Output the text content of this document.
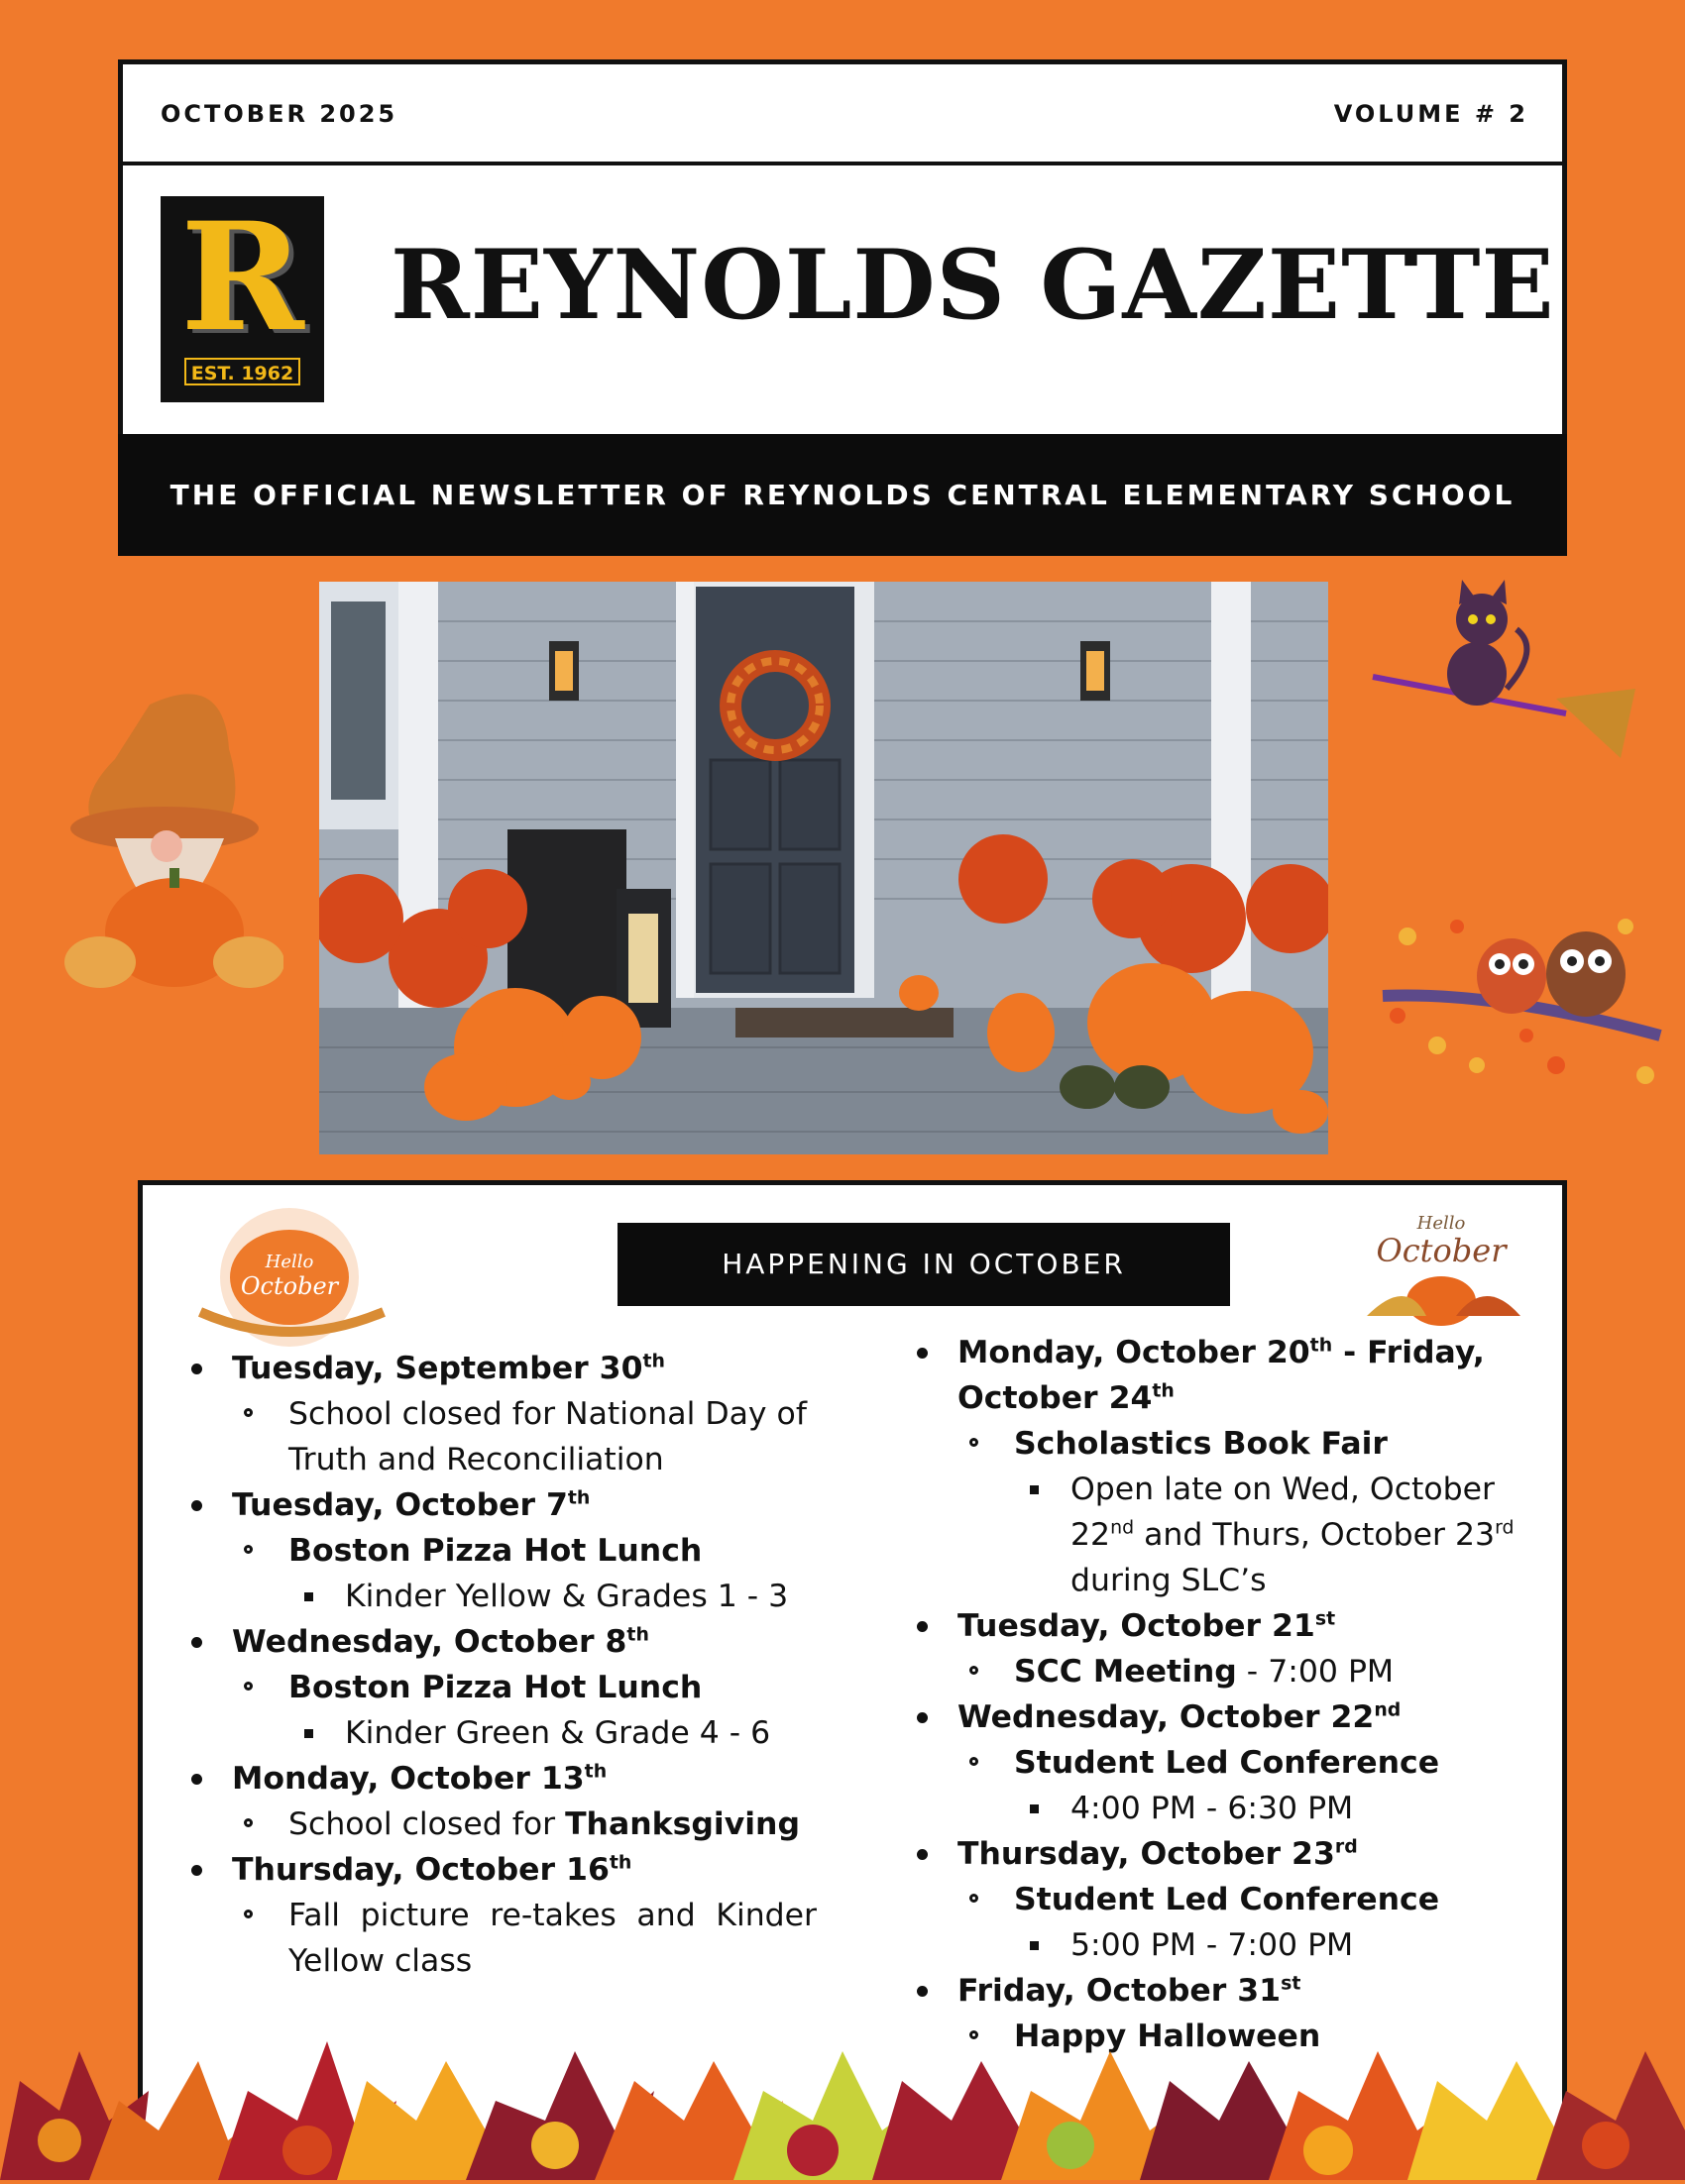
OCTOBER 2025	VOLUME # 2
R
EST. 1962
REYNOLDS GAZETTE
THE OFFICIAL NEWSLETTER OF REYNOLDS CENTRAL ELEMENTARY SCHOOL
Hello
October
Hello
October
HAPPENING IN OCTOBER
Tuesday, September 30th
School closed for National Day of Truth and Reconciliation
Tuesday, October 7th
Boston Pizza Hot Lunch
Kinder Yellow & Grades 1 - 3
Wednesday, October 8th
Boston Pizza Hot Lunch
Kinder Green & Grade 4 - 6
Monday, October 13th
School closed for Thanksgiving
Thursday, October 16th
Fall picture re-takes and Kinder Yellow class
Monday, October 20th - Friday,
October 24th
Scholastics Book Fair
Open late on Wed, October 22nd and Thurs, October 23rd during SLC’s
Tuesday, October 21st
SCC Meeting - 7:00 PM
Wednesday, October 22nd
Student Led Conference
4:00 PM - 6:30 PM
Thursday, October 23rd
Student Led Conference
5:00 PM - 7:00 PM
Friday, October 31st
Happy Halloween
